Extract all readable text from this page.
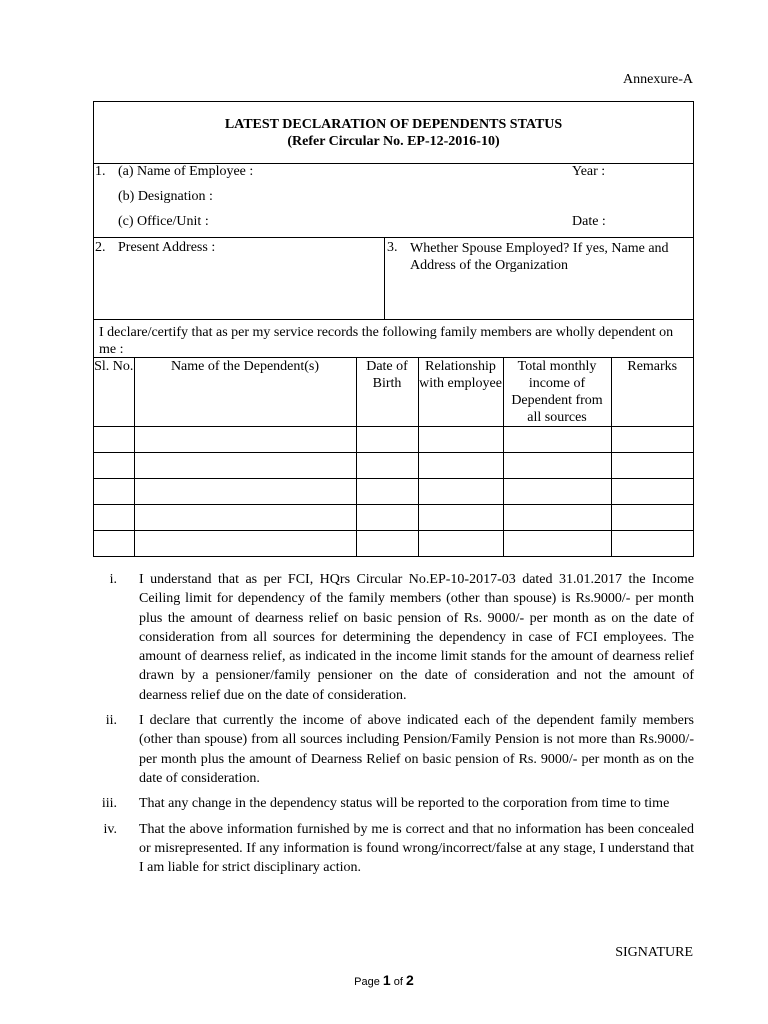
Annexure-A
LATEST DECLARATION OF DEPENDENTS STATUS
(Refer Circular No. EP-12-2016-10)
1. (a) Name of Employee :	Year :
(b) Designation :
(c) Office/Unit :	Date :
2. Present Address :	3. Whether Spouse Employed? If yes, Name and Address of the Organization
I declare/certify that as per my service records the following family members are wholly dependent on me :
Sl. No.	Name of the Dependent(s)	Date of Birth	Relationship with employee	Total monthly income of Dependent from all sources	Remarks

i. I understand that as per FCI, HQrs Circular No.EP-10-2017-03 dated 31.01.2017 the Income Ceiling limit for dependency of the family members (other than spouse) is Rs.9000/- per month plus the amount of dearness relief on basic pension of Rs. 9000/- per month as on the date of consideration from all sources for determining the dependency in case of FCI employees. The amount of dearness relief, as indicated in the income limit stands for the amount of dearness relief drawn by a pensioner/family pensioner on the date of consideration and not the amount of dearness relief due on the date of consideration.
ii. I declare that currently the income of above indicated each of the dependent family members (other than spouse) from all sources including Pension/Family Pension is not more than Rs.9000/- per month plus the amount of Dearness Relief on basic pension of Rs. 9000/- per month as on the date of consideration.
iii. That any change in the dependency status will be reported to the corporation from time to time
iv. That the above information furnished by me is correct and that no information has been concealed or misrepresented. If any information is found wrong/incorrect/false at any stage, I understand that I am liable for strict disciplinary action.
SIGNATURE
Page 1 of 2
